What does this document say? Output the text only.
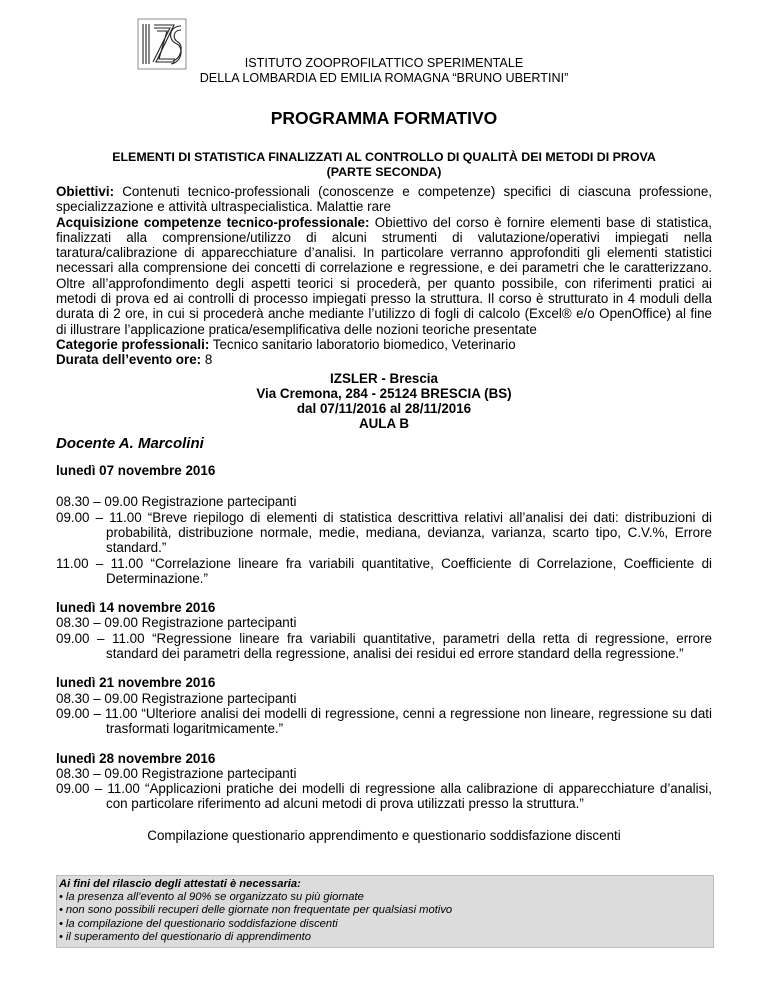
ISTITUTO ZOOPROFILATTICO SPERIMENTALE
DELLA LOMBARDIA ED EMILIA ROMAGNA “BRUNO UBERTINI”
PROGRAMMA FORMATIVO
ELEMENTI DI STATISTICA FINALIZZATI AL CONTROLLO DI QUALITÀ DEI METODI DI PROVA
(PARTE SECONDA)

Obiettivi: Contenuti tecnico-professionali (conoscenze e competenze) specifici di ciascuna professione, specializzazione e attività ultraspecialistica. Malattie rare

Acquisizione competenze tecnico-professionale: Obiettivo del corso è fornire elementi base di statistica, finalizzati alla comprensione/utilizzo di alcuni strumenti di valutazione/operativi impiegati nella taratura/calibrazione di apparecchiature d’analisi. In particolare verranno approfonditi gli elementi statistici necessari alla comprensione dei concetti di correlazione e regressione, e dei parametri che le caratterizzano. Oltre all’approfondimento degli aspetti teorici si procederà, per quanto possibile, con riferimenti pratici ai metodi di prova ed ai controlli di processo impiegati presso la struttura. Il corso è strutturato in 4 moduli della durata di 2 ore, in cui si procederà anche mediante l’utilizzo di fogli di calcolo (Excel® e/o OpenOffice) al fine di illustrare l’applicazione pratica/esemplificativa delle nozioni teoriche presentate

Categorie professionali: Tecnico sanitario laboratorio biomedico, Veterinario

Durata dell’evento ore: 8

IZSLER - Brescia
Via Cremona, 284 - 25124 BRESCIA (BS)
dal 07/11/2016 al 28/11/2016
AULA B
Docente A. Marcolini
lunedì 07 novembre 2016
08.30 – 09.00 Registrazione partecipanti
09.00 – 11.00 “Breve riepilogo di elementi di statistica descrittiva relativi all’analisi dei dati: distribuzioni di probabilità, distribuzione normale, medie, mediana, devianza, varianza, scarto tipo, C.V.%, Errore standard.”
11.00 – 11.00 “Correlazione lineare fra variabili quantitative, Coefficiente di Correlazione, Coefficiente di Determinazione.”
lunedì 14 novembre 2016
08.30 – 09.00 Registrazione partecipanti
09.00 – 11.00 “Regressione lineare fra variabili quantitative, parametri della retta di regressione, errore standard dei parametri della regressione, analisi dei residui ed errore standard della regressione.”
lunedì 21 novembre 2016
08.30 – 09.00 Registrazione partecipanti
09.00 – 11.00 “Ulteriore analisi dei modelli di regressione, cenni a regressione non lineare, regressione su dati trasformati logaritmicamente.”
lunedì 28 novembre 2016
08.30 – 09.00 Registrazione partecipanti
09.00 – 11.00 “Applicazioni pratiche dei modelli di regressione alla calibrazione di apparecchiature d’analisi, con particolare riferimento ad alcuni metodi di prova utilizzati presso la struttura.”
Compilazione questionario apprendimento e questionario soddisfazione discenti
Ai fini del rilascio degli attestati è necessaria:
• la presenza all’evento al 90% se organizzato su più giornate
• non sono possibili recuperi delle giornate non frequentate per qualsiasi motivo
• la compilazione del questionario soddisfazione discenti
• il superamento del questionario di apprendimento
